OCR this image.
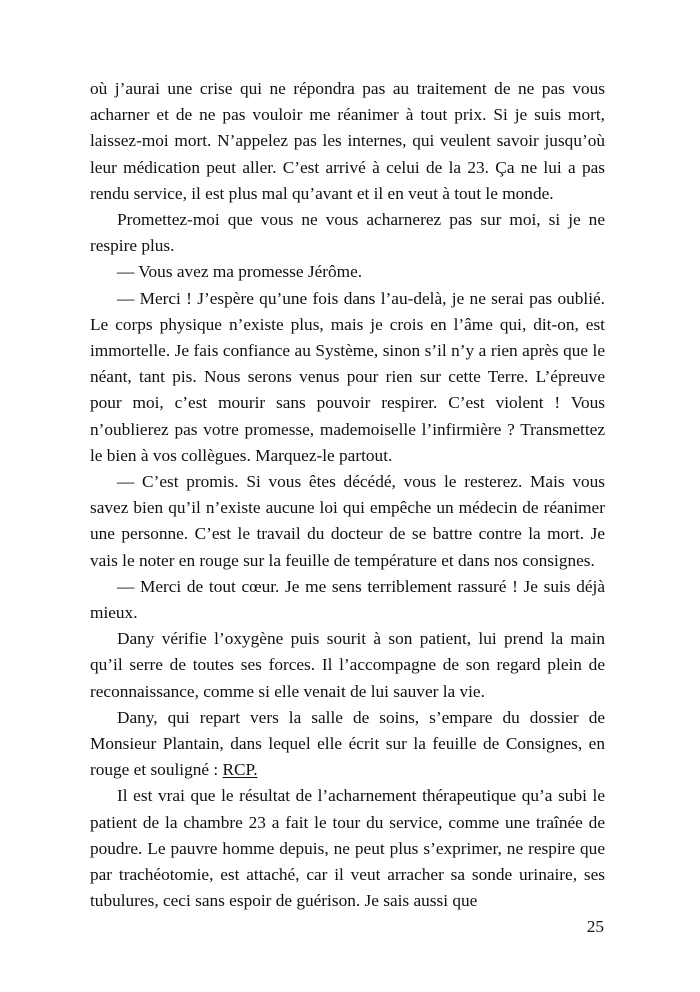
où j’aurai une crise qui ne répondra pas au traitement de ne pas vous acharner et de ne pas vouloir me réanimer à tout prix. Si je suis mort, laissez-moi mort. N’appelez pas les internes, qui veulent savoir jusqu’où leur médication peut aller. C’est arrivé à celui de la 23. Ça ne lui a pas rendu service, il est plus mal qu’avant et il en veut à tout le monde.

Promettez-moi que vous ne vous acharnerez pas sur moi, si je ne respire plus.

— Vous avez ma promesse Jérôme.

— Merci ! J’espère qu’une fois dans l’au-delà, je ne serai pas oublié. Le corps physique n’existe plus, mais je crois en l’âme qui, dit-on, est immortelle. Je fais confiance au Système, sinon s’il n’y a rien après que le néant, tant pis. Nous serons venus pour rien sur cette Terre. L’épreuve pour moi, c’est mourir sans pouvoir respirer. C’est violent ! Vous n’oublierez pas votre promesse, mademoiselle l’infirmière ? Transmettez le bien à vos collègues. Marquez-le partout.

— C’est promis. Si vous êtes décédé, vous le resterez. Mais vous savez bien qu’il n’existe aucune loi qui empêche un médecin de réanimer une personne. C’est le travail du docteur de se battre contre la mort. Je vais le noter en rouge sur la feuille de température et dans nos consignes.

— Merci de tout cœur. Je me sens terriblement rassuré ! Je suis déjà mieux.

Dany vérifie l’oxygène puis sourit à son patient, lui prend la main qu’il serre de toutes ses forces. Il l’accompagne de son regard plein de reconnaissance, comme si elle venait de lui sauver la vie.

Dany, qui repart vers la salle de soins, s’empare du dossier de Monsieur Plantain, dans lequel elle écrit sur la feuille de Consignes, en rouge et souligné : RCP.

Il est vrai que le résultat de l’acharnement thérapeutique qu’a subi le patient de la chambre 23 a fait le tour du service, comme une traînée de poudre. Le pauvre homme depuis, ne peut plus s’exprimer, ne respire que par trachéotomie, est attaché, car il veut arracher sa sonde urinaire, ses tubulures, ceci sans espoir de guérison. Je sais aussi que

25
